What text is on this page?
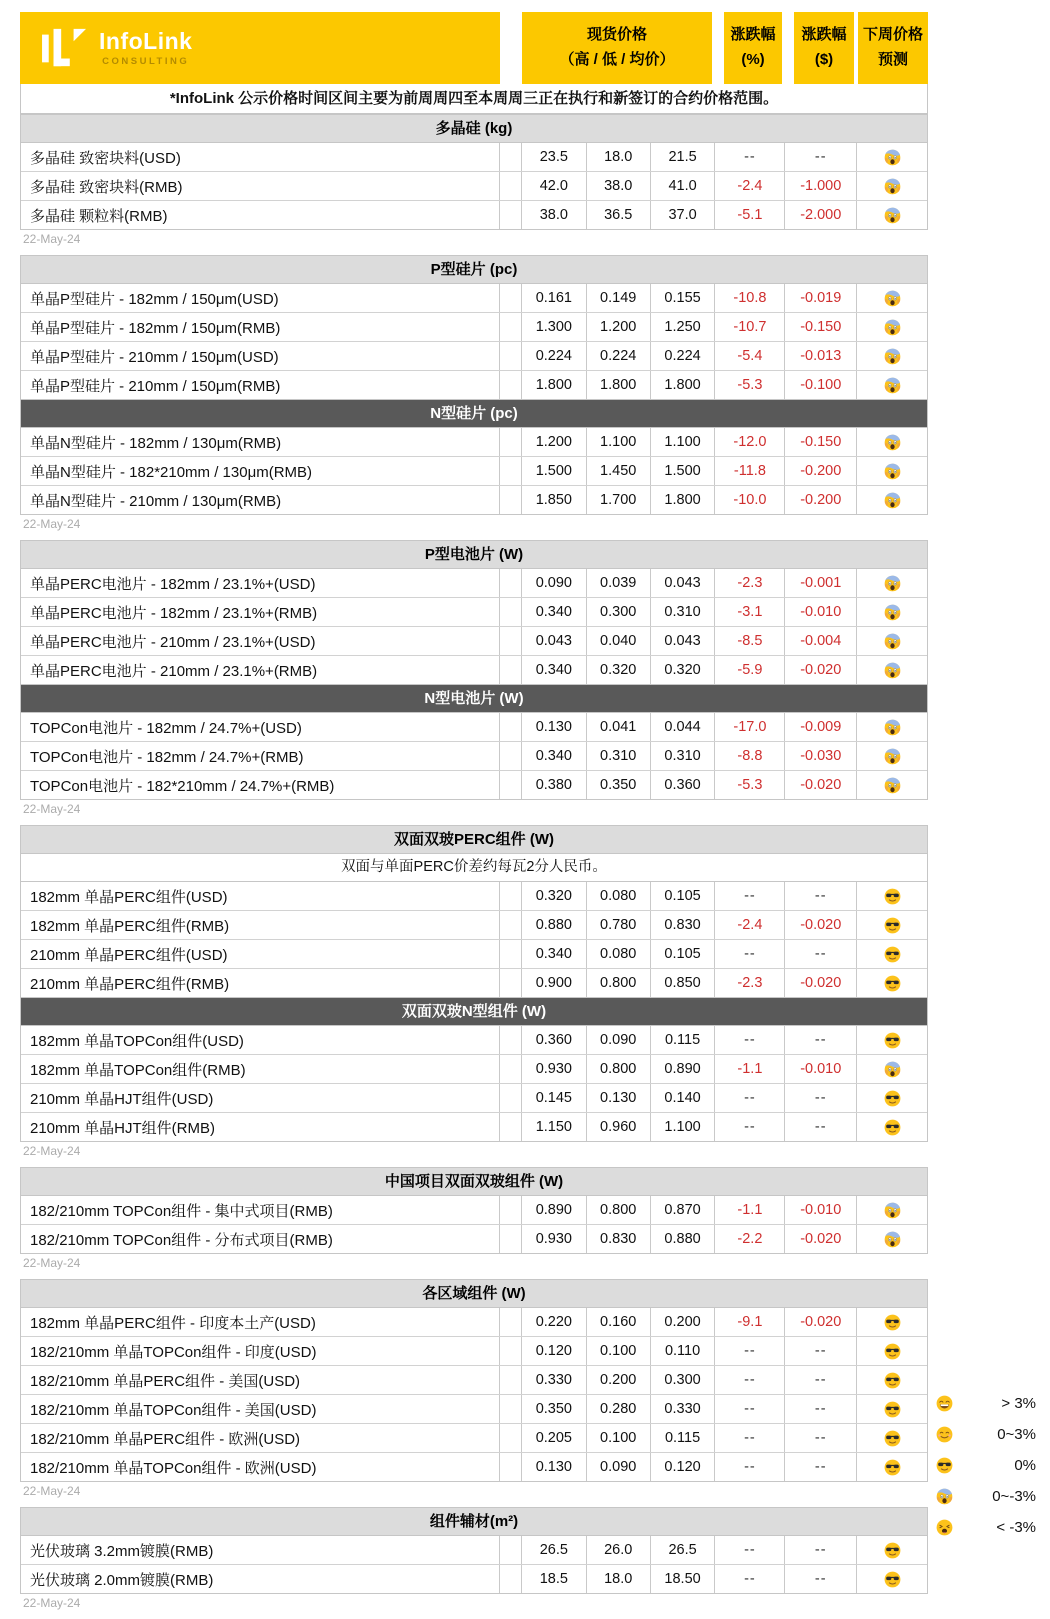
InfoLink
CONSULTING
现货价格
（高 / 低 / 均价）
涨跌幅
(%)
涨跌幅
($)
下周价格
预测
*InfoLink 公示价格时间区间主要为前周周四至本周周三正在执行和新签订的合约价格范围。
多晶硅 (kg)
多晶硅 致密块料(USD)	23.5	18.0	21.5	--	--
多晶硅 致密块料(RMB)	42.0	38.0	41.0	-2.4	-1.000
多晶硅 颗粒料(RMB)	38.0	36.5	37.0	-5.1	-2.000
22-May-24
P型硅片 (pc)
单晶P型硅片 - 182mm / 150μm(USD)	0.161	0.149	0.155	-10.8	-0.019
单晶P型硅片 - 182mm / 150μm(RMB)	1.300	1.200	1.250	-10.7	-0.150
单晶P型硅片 - 210mm / 150μm(USD)	0.224	0.224	0.224	-5.4	-0.013
单晶P型硅片 - 210mm / 150μm(RMB)	1.800	1.800	1.800	-5.3	-0.100
N型硅片 (pc)
单晶N型硅片 - 182mm / 130μm(RMB)	1.200	1.100	1.100	-12.0	-0.150
单晶N型硅片 - 182*210mm / 130μm(RMB)	1.500	1.450	1.500	-11.8	-0.200
单晶N型硅片 - 210mm / 130μm(RMB)	1.850	1.700	1.800	-10.0	-0.200
22-May-24
P型电池片 (W)
单晶PERC电池片 - 182mm / 23.1%+(USD)	0.090	0.039	0.043	-2.3	-0.001
单晶PERC电池片 - 182mm / 23.1%+(RMB)	0.340	0.300	0.310	-3.1	-0.010
单晶PERC电池片 - 210mm / 23.1%+(USD)	0.043	0.040	0.043	-8.5	-0.004
单晶PERC电池片 - 210mm / 23.1%+(RMB)	0.340	0.320	0.320	-5.9	-0.020
N型电池片 (W)
TOPCon电池片 - 182mm / 24.7%+(USD)	0.130	0.041	0.044	-17.0	-0.009
TOPCon电池片 - 182mm / 24.7%+(RMB)	0.340	0.310	0.310	-8.8	-0.030
TOPCon电池片 - 182*210mm / 24.7%+(RMB)	0.380	0.350	0.360	-5.3	-0.020
22-May-24
双面双玻PERC组件 (W)
双面与单面PERC价差约每瓦2分人民币。
182mm 单晶PERC组件(USD)	0.320	0.080	0.105	--	--
182mm 单晶PERC组件(RMB)	0.880	0.780	0.830	-2.4	-0.020
210mm 单晶PERC组件(USD)	0.340	0.080	0.105	--	--
210mm 单晶PERC组件(RMB)	0.900	0.800	0.850	-2.3	-0.020
双面双玻N型组件 (W)
182mm 单晶TOPCon组件(USD)	0.360	0.090	0.115	--	--
182mm 单晶TOPCon组件(RMB)	0.930	0.800	0.890	-1.1	-0.010
210mm 单晶HJT组件(USD)	0.145	0.130	0.140	--	--
210mm 单晶HJT组件(RMB)	1.150	0.960	1.100	--	--
22-May-24
中国项目双面双玻组件 (W)
182/210mm TOPCon组件 - 集中式项目(RMB)	0.890	0.800	0.870	-1.1	-0.010
182/210mm TOPCon组件 - 分布式项目(RMB)	0.930	0.830	0.880	-2.2	-0.020
22-May-24
各区域组件 (W)
182mm 单晶PERC组件 - 印度本土产(USD)	0.220	0.160	0.200	-9.1	-0.020
182/210mm 单晶TOPCon组件 - 印度(USD)	0.120	0.100	0.110	--	--
182/210mm 单晶PERC组件 - 美国(USD)	0.330	0.200	0.300	--	--
182/210mm 单晶TOPCon组件 - 美国(USD)	0.350	0.280	0.330	--	--
182/210mm 单晶PERC组件 - 欧洲(USD)	0.205	0.100	0.115	--	--
182/210mm 单晶TOPCon组件 - 欧洲(USD)	0.130	0.090	0.120	--	--
22-May-24
组件辅材(m²)
光伏玻璃 3.2mm镀膜(RMB)	26.5	26.0	26.5	--	--
光伏玻璃 2.0mm镀膜(RMB)	18.5	18.0	18.50	--	--
22-May-24
> 3%
0~3%
0%
0~-3%
< -3%
